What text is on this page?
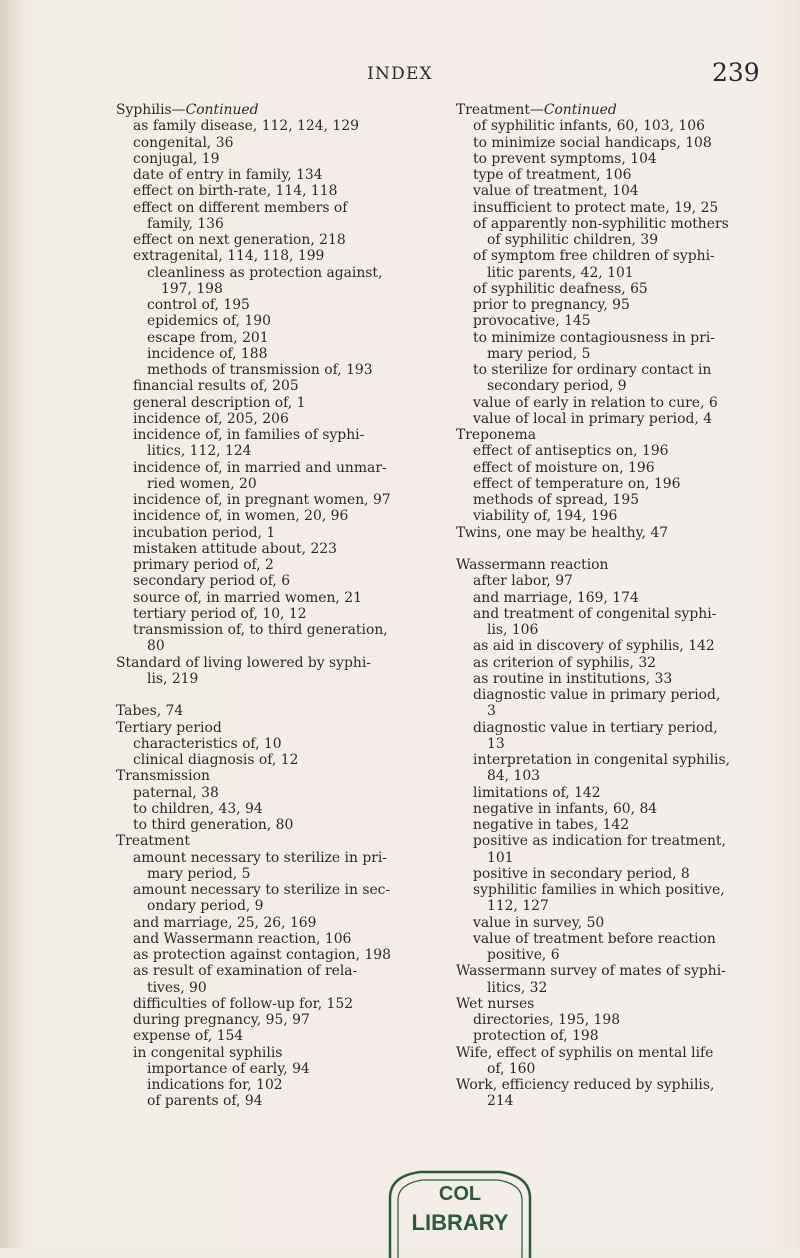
INDEX	239
Syphilis—Continued
as family disease, 112, 124, 129
congenital, 36
conjugal, 19
date of entry in family, 134
effect on birth-rate, 114, 118
effect on different members of
family, 136
effect on next generation, 218
extragenital, 114, 118, 199
cleanliness as protection against,
197, 198
control of, 195
epidemics of, 190
escape from, 201
incidence of, 188
methods of transmission of, 193
financial results of, 205
general description of, 1
incidence of, 205, 206
incidence of, in families of syphi-
litics, 112, 124
incidence of, in married and unmar-
ried women, 20
incidence of, in pregnant women, 97
incidence of, in women, 20, 96
incubation period, 1
mistaken attitude about, 223
primary period of, 2
secondary period of, 6
source of, in married women, 21
tertiary period of, 10, 12
transmission of, to third generation,
80
Standard of living lowered by syphi-
lis, 219
Tabes, 74
Tertiary period
characteristics of, 10
clinical diagnosis of, 12
Transmission
paternal, 38
to children, 43, 94
to third generation, 80
Treatment
amount necessary to sterilize in pri-
mary period, 5
amount necessary to sterilize in sec-
ondary period, 9
and marriage, 25, 26, 169
and Wassermann reaction, 106
as protection against contagion, 198
as result of examination of rela-
tives, 90
difficulties of follow-up for, 152
during pregnancy, 95, 97
expense of, 154
in congenital syphilis
importance of early, 94
indications for, 102
of parents of, 94
Treatment—Continued
of syphilitic infants, 60, 103, 106
to minimize social handicaps, 108
to prevent symptoms, 104
type of treatment, 106
value of treatment, 104
insufficient to protect mate, 19, 25
of apparently non-syphilitic mothers
of syphilitic children, 39
of symptom free children of syphi-
litic parents, 42, 101
of syphilitic deafness, 65
prior to pregnancy, 95
provocative, 145
to minimize contagiousness in pri-
mary period, 5
to sterilize for ordinary contact in
secondary period, 9
value of early in relation to cure, 6
value of local in primary period, 4
Treponema
effect of antiseptics on, 196
effect of moisture on, 196
effect of temperature on, 196
methods of spread, 195
viability of, 194, 196
Twins, one may be healthy, 47
Wassermann reaction
after labor, 97
and marriage, 169, 174
and treatment of congenital syphi-
lis, 106
as aid in discovery of syphilis, 142
as criterion of syphilis, 32
as routine in institutions, 33
diagnostic value in primary period,
3
diagnostic value in tertiary period,
13
interpretation in congenital syphilis,
84, 103
limitations of, 142
negative in infants, 60, 84
negative in tabes, 142
positive as indication for treatment,
101
positive in secondary period, 8
syphilitic families in which positive,
112, 127
value in survey, 50
value of treatment before reaction
positive, 6
Wassermann survey of mates of syphi-
litics, 32
Wet nurses
directories, 195, 198
protection of, 198
Wife, effect of syphilis on mental life
of, 160
Work, efficiency reduced by syphilis,
214
LIBRARY
COL
